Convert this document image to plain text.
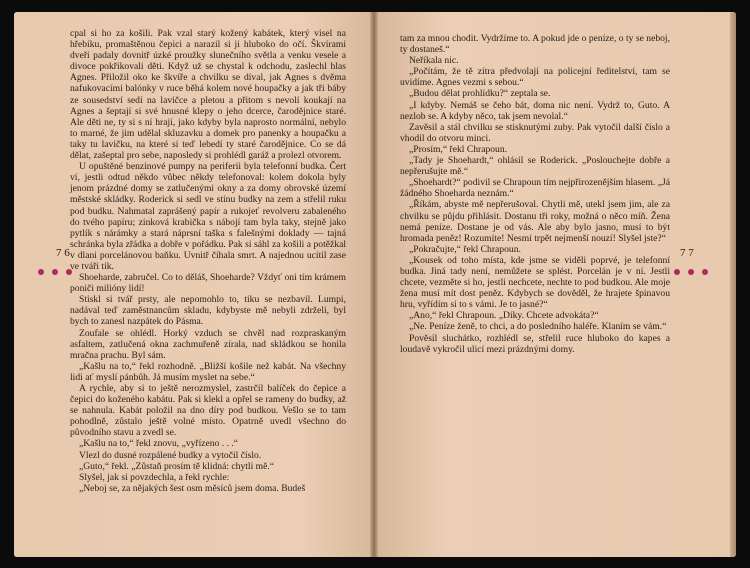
7 6	7 7

cpal si ho za košili. Pak vzal starý kožený kabátek, který visel na hřebíku, promaštěnou čepici a narazil si ji hluboko do očí. Škvírami dveří padaly dovnitř úzké proužky slunečního světla a venku vesele a divoce pokřikovali děti. Když už se chystal k odchodu, zaslechl hlas Agnes. Přiložil oko ke škvíře a chvilku se díval, jak Agnes s dvěma nafukovacími balónky v ruce běhá kolem nové houpačky a jak tři báby ze sousedství sedí na lavičce a pletou a přitom s nevolí koukají na Agnes a šeptají si své hnusné klepy o jeho dcerce, čarodějnice staré. Ale děti ne, ty si s ní hrají, jako kdyby byla naprosto normální, nebylo to marné, že jim udělal skluzavku a domek pro panenky a houpačku a taky tu lavičku, na které si teď lebedí ty staré čarodějnice. Co se dá dělat, zašeptal pro sebe, naposledy si prohlédl garáž a prolezl otvorem.

U opuštěné benzinové pumpy na periferii byla telefonní budka. Čert ví, jestli odtud někdo vůbec někdy telefonoval: kolem dokola byly jenom prázdné domy se zatlučenými okny a za domy obrovské území městské skládky. Roderick si sedl ve stínu budky na zem a střelil ruku pod budku. Nahmatal zaprášený papír a rukojeť revolveru zabaleného do tvého papíru; zinková krabička s nábojí tam byla taky, stejně jako pytlík s nárámky a stará náprsní taška s falešnými doklady — tajná schránka byla zřádka a dobře v pořádku. Pak si sáhl za košili a potěžkal v dlani porcelánovou baňku. Uvnitř číhala smrt. A najednou ucítil zase ve tváři tik.

Shoeharde, zabručel. Co to děláš, Shoeharde? Vždyť oni tím krámem poniči milióny lidí!

Stiskl si tvář prsty, ale nepomohlo to, tiku se nezbavil. Lumpi, nadával teď zaměstnancům skladu, kdybyste mě nebyli zdrželi, byl bych to zanesl nazpátek do Pásma.

Zoufale se ohlédl. Horký vzduch se chvěl nad rozpraskaným asfaltem, zatlučená okna zachmuřeně zírala, nad skládkou se honila mračna prachu. Byl sám.

„Kašlu na to,“ řekl rozhodně. „Bližší košile než kabát. Na všechny lidi ať myslí pánbůh. Já musím myslet na sebe.“

A rychle, aby si to ještě nerozmyslel, zastrčil balíček do čepice a čepici do koženého kabátu. Pak si klekl a opřel se rameny do budky, až se nahnula. Kabát položil na dno díry pod budkou. Vešlo se to tam pohodlně, zůstalo ještě volné místo. Opatrně uvedl všechno do původního stavu a zvedl se.

„Kašlu na to,“ řekl znovu, „vyřízeno . . .“

Vlezl do dusné rozpálené budky a vytočil číslo.

„Guto,“ řekl. „Zůstaň prosím tě klidná: chytli mě.“

Slyšel, jak si povzdechla, a řekl rychle:

„Neboj se, za nějakých šest osm měsíců jsem doma. Budeš

tam za mnou chodit. Vydržíme to. A pokud jde o peníze, o ty se neboj, ty dostaneš.“

Neříkala nic.

„Počítám, že tě zítra předvolají na policejní ředitelství, tam se uvidíme. Agnes vezmi s sebou.“

„Budou dělat prohlídku?“ zeptala se.

„I kdyby. Nemáš se čeho bát, doma nic není. Vydrž to, Guto. A nezlob se. A kdyby něco, tak jsem nevolal.“

Zavěsil a stál chvilku se stisknutými zuby. Pak vytočil další číslo a vhodil do otvoru minci.

„Prosím,“ řekl Chrapoun.

„Tady je Shoehardt,“ ohlásil se Roderick. „Poslouchejte dobře a nepřerušujte mě.“

„Shoehardt?“ podivil se Chrapoun tím nejpřirozenějším hlasem. „Já žádného Shoeharda neznám.“

„Říkám, abyste mě nepřerušoval. Chytli mě, utekl jsem jim, ale za chvilku se půjdu přihlásit. Dostanu tři roky, možná o něco míň. Žena nemá peníze. Dostane je od vás. Ale aby bylo jasno, musí to být hromada peněz! Rozumíte! Nesmí trpět nejmenší nouzí! Slyšel jste?“

„Pokračujte,“ řekl Chrapoun.

„Kousek od toho místa, kde jsme se viděli poprvé, je telefonní budka. Jiná tady není, nemůžete se splést. Porcelán je v ní. Jestli chcete, vezměte si ho, jestli nechcete, nechte to pod budkou. Ale moje žena musí mít dost peněz. Kdybych se dověděl, že hrajete špinavou hru, vyřídím si to s vámi. Je to jasné?“

„Ano,“ řekl Chrapoun. „Díky. Chcete advokáta?“

„Ne. Peníze ženě, to chci, a do posledního haléře. Klaním se vám.“

Pověsil sluchátko, rozhlédl se, střelil ruce hluboko do kapes a loudavě vykročil ulicí mezi prázdnými domy.
